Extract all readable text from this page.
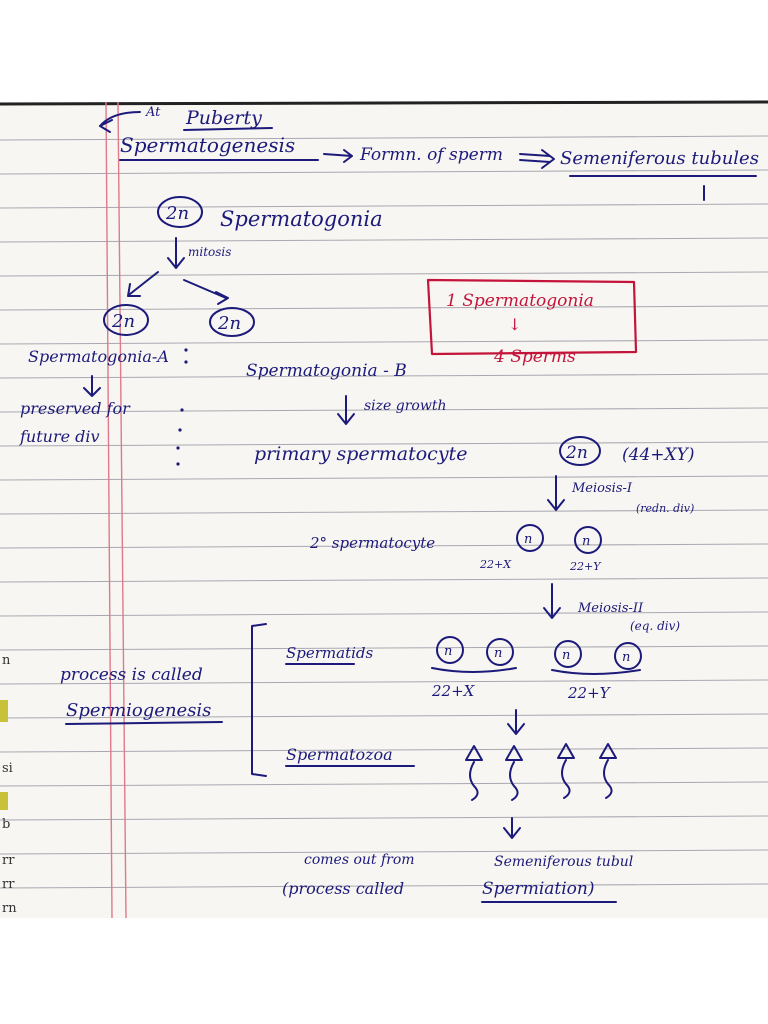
n
si
b
rr
rr
rn
At Puberty
Spermatogenesis	Formn. of sperm	Semeniferous tubules
2n Spermatogonia
mitosis
2n	2n
1 Spermatogonia
↓
4 Sperms
Spermatogonia-A
preserved for
future div
Spermatogonia - B
size growth
primary spermatocyte	2n (44+XY)
Meiosis-I
(redn. div)
2° spermatocyte	n	n
22+X	22+Y
Meiosis-II
(eq. div)
Spermatids	n	n	n	n
22+X	22+Y
process is called
Spermiogenesis
Spermatozoa
comes out from	Semeniferous tubul
(process called	Spermiation)
